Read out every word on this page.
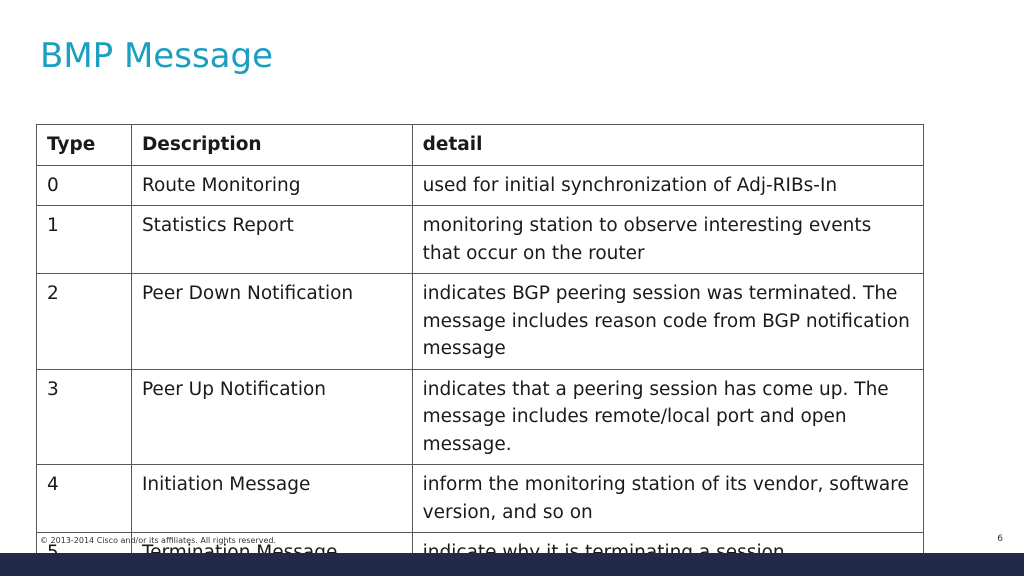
BMP Message
Type	Description	detail
0	Route Monitoring	used for initial synchronization of Adj-RIBs-In
1	Statistics Report	monitoring station to observe interesting events that occur on the router
2	Peer Down Notification	indicates BGP peering session was terminated. The message includes reason code from BGP notification message
3	Peer Up Notification	indicates that a peering session has come up. The message includes remote/local port and open message.
4	Initiation Message	inform the monitoring station of its vendor, software version, and so on

© 2013-2014 Cisco and/or its affiliates. All rights reserved.	6
